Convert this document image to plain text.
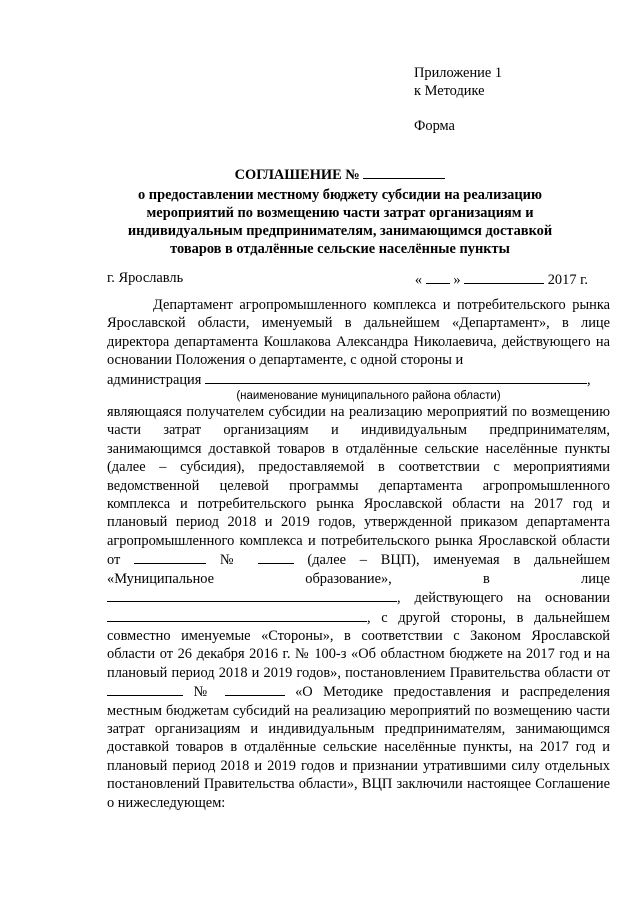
Приложение 1
к Методике
Форма
СОГЛАШЕНИЕ №
о предоставлении местному бюджету субсидии на реализацию
мероприятий по возмещению части затрат организациям и
индивидуальным предпринимателям, занимающимся доставкой
товаров в отдалённые сельские населённые пункты
г. Ярославль	« »	2017 г.

Департамент агропромышленного комплекса и потребительского рынка Ярославской области, именуемый в дальнейшем «Департамент», в лице директора департамента Кошлакова Александра Николаевича, действующего на основании Положения о департаменте, с одной стороны и

администрация	,

(наименование муниципального района области)

являющаяся получателем субсидии на реализацию мероприятий по возмещению части затрат организациям и индивидуальным предпринимателям, занимающимся доставкой товаров в отдалённые сельские населённые пункты (далее – субсидия), предоставляемой в соответствии с мероприятиями ведомственной целевой программы департамента агропромышленного комплекса и потребительского рынка Ярославской области на 2017 год и плановый период 2018 и 2019 годов, утвержденной приказом департамента агропромышленного комплекса и потребительского рынка Ярославской области от	№	(далее – ВЦП), именуемая в дальнейшем «Муниципальное образование», в лице , действующего на основании , с другой стороны, в дальнейшем совместно именуемые «Стороны», в соответствии с Законом Ярославской области от 26 декабря 2016 г. № 100-з «Об областном бюджете на 2017 год и на плановый период 2018 и 2019 годов», постановлением Правительства области от  №	«О Методике предоставления и распределения местным бюджетам субсидий на реализацию мероприятий по возмещению части затрат организациям и индивидуальным предпринимателям, занимающимся доставкой товаров в отдалённые сельские населённые пункты, на 2017 год и плановый период 2018 и 2019 годов и признании утратившими силу отдельных постановлений Правительства области», ВЦП заключили настоящее Соглашение о нижеследующем:
